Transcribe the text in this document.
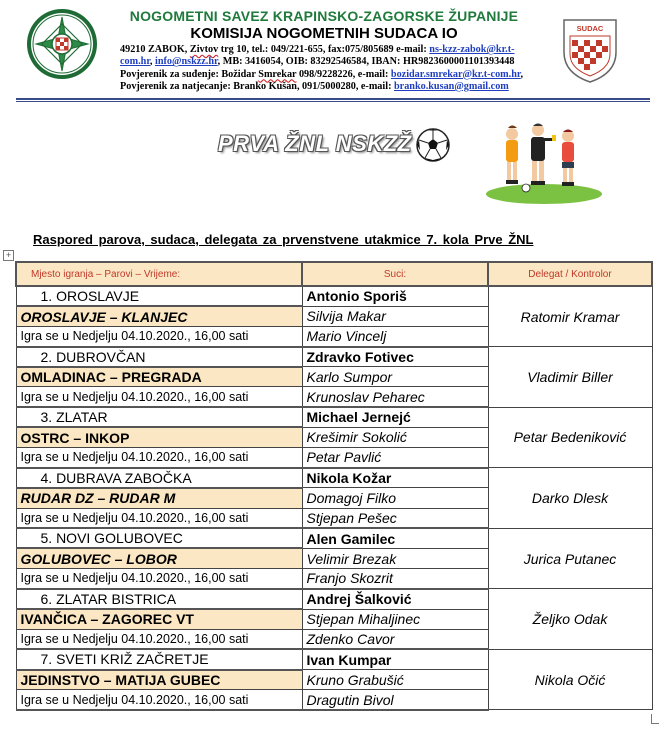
NOGOMETNI SAVEZ KRAPINSKO-ZAGORSKE ŽUPANIJE
KOMISIJA NOGOMETNIH SUDACA IO
49210 ZABOK, Zivtov trg 10, tel.: 049/221-655, fax:075/805689 e-mail: ns-kzz-zabok@kr.t-
com.hr, info@nskzz.hr, MB: 3416054, OIB: 83292546584, IBAN: HR9823600001101393448
Povjerenik za suđenje: Božidar Smrekar 098/9228226, e-mail: bozidar.smrekar@kr.t-com.hr,
Povjerenik za natjecanje: Branko Kušan, 091/5000280, e-mail: branko.kusan@gmail.com
SUDAC
PRVA ŽNL NSKZŽ
Raspored parova, sudaca, delegata za prvenstvene utakmice 7. kola Prve ŽNL
+
Mjesto igranja – Parovi – Vrijeme:	Suci:	Delegat / Kontrolor
1. OROSLAVJE	Antonio Sporiš	Ratomir Kramar
OROSLAVJE – KLANJEC	Silvija Makar	
Igra se u Nedjelju 04.10.2020., 16,00 sati	Mario Vincelj	
2. DUBROVČAN	Zdravko Fotivec	Vladimir Biller
OMLADINAC – PREGRADA	Karlo Sumpor	
Igra se u Nedjelju 04.10.2020., 16,00 sati	Krunoslav Peharec	
3. ZLATAR	Michael Jernejć	Petar Bedeniković
OSTRC – INKOP	Krešimir Sokolić	
Igra se u Nedjelju 04.10.2020., 16,00 sati	Petar Pavlić	
4. DUBRAVA ZABOČKA	Nikola Kožar	Darko Dlesk
RUDAR DZ – RUDAR M	Domagoj Filko	
Igra se u Nedjelju 04.10.2020., 16,00 sati	Stjepan Pešec	
5. NOVI GOLUBOVEC	Alen Gamilec	Jurica Putanec
GOLUBOVEC – LOBOR	Velimir Brezak	
Igra se u Nedjelju 04.10.2020., 16,00 sati	Franjo Skozrit	
6. ZLATAR BISTRICA	Andrej Šalković	Željko Odak
IVANČICA – ZAGOREC VT	Stjepan Mihaljinec	
Igra se u Nedjelju 04.10.2020., 16,00 sati	Zdenko Cavor	
7. SVETI KRIŽ ZAČRETJE	Ivan Kumpar	Nikola Očić
JEDINSTVO – MATIJA GUBEC	Kruno Grabušić	
Igra se u Nedjelju 04.10.2020., 16,00 sati	Dragutin Bivol	
